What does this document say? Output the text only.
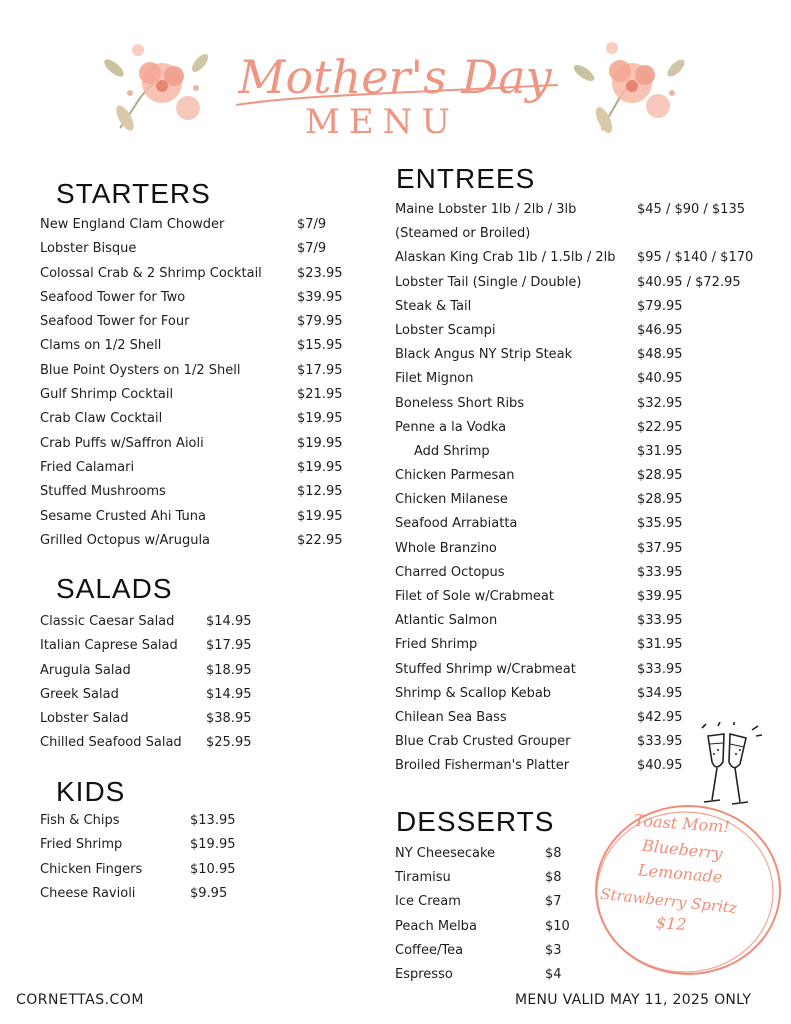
Mother's Day
MENU
STARTERS
New England Clam Chowder	$7/9
Lobster Bisque	$7/9
Colossal Crab & 2 Shrimp Cocktail	$23.95
Seafood Tower for Two	$39.95
Seafood Tower for Four	$79.95
Clams on 1/2 Shell	$15.95
Blue Point Oysters on 1/2 Shell	$17.95
Gulf Shrimp Cocktail	$21.95
Crab Claw Cocktail	$19.95
Crab Puffs w/Saffron Aioli	$19.95
Fried Calamari	$19.95
Stuffed Mushrooms	$12.95
Sesame Crusted Ahi Tuna	$19.95
Grilled Octopus w/Arugula	$22.95
SALADS
Classic Caesar Salad $14.95
Italian Caprese Salad $17.95
Arugula Salad	$18.95
Greek Salad	$14.95
Lobster Salad	$38.95
Chilled Seafood Salad $25.95
KIDS
Fish & Chips	$13.95
Fried Shrimp	$19.95
Chicken Fingers	$10.95
Cheese Ravioli	$9.95
ENTREES
Maine Lobster 1lb / 2lb / 3lb	$45 / $90 / $135
(Steamed or Broiled)
Alaskan King Crab 1lb / 1.5lb / 2lb $95 / $140 / $170
Lobster Tail (Single / Double)	$40.95 / $72.95
Steak & Tail	$79.95
Lobster Scampi	$46.95
Black Angus NY Strip Steak	$48.95
Filet Mignon	$40.95
Boneless Short Ribs	$32.95
Penne a la Vodka	$22.95
Add Shrimp	$31.95
Chicken Parmesan	$28.95
Chicken Milanese	$28.95
Seafood Arrabiatta	$35.95
Whole Branzino	$37.95
Charred Octopus	$33.95
Filet of Sole w/Crabmeat	$39.95
Atlantic Salmon	$33.95
Fried Shrimp	$31.95
Stuffed Shrimp w/Crabmeat	$33.95
Shrimp & Scallop Kebab	$34.95
Chilean Sea Bass	$42.95
Blue Crab Crusted Grouper	$33.95
Broiled Fisherman's Platter	$40.95
DESSERTS
NY Cheesecake	$8
Tiramisu	$8
Ice Cream	$7
Peach Melba	$10
Coffee/Tea	$3
Espresso	$4
Toast Mom!
Blueberry
Lemonade
Strawberry Spritz
$12
CORNETTAS.COM	MENU VALID MAY 11, 2025 ONLY
